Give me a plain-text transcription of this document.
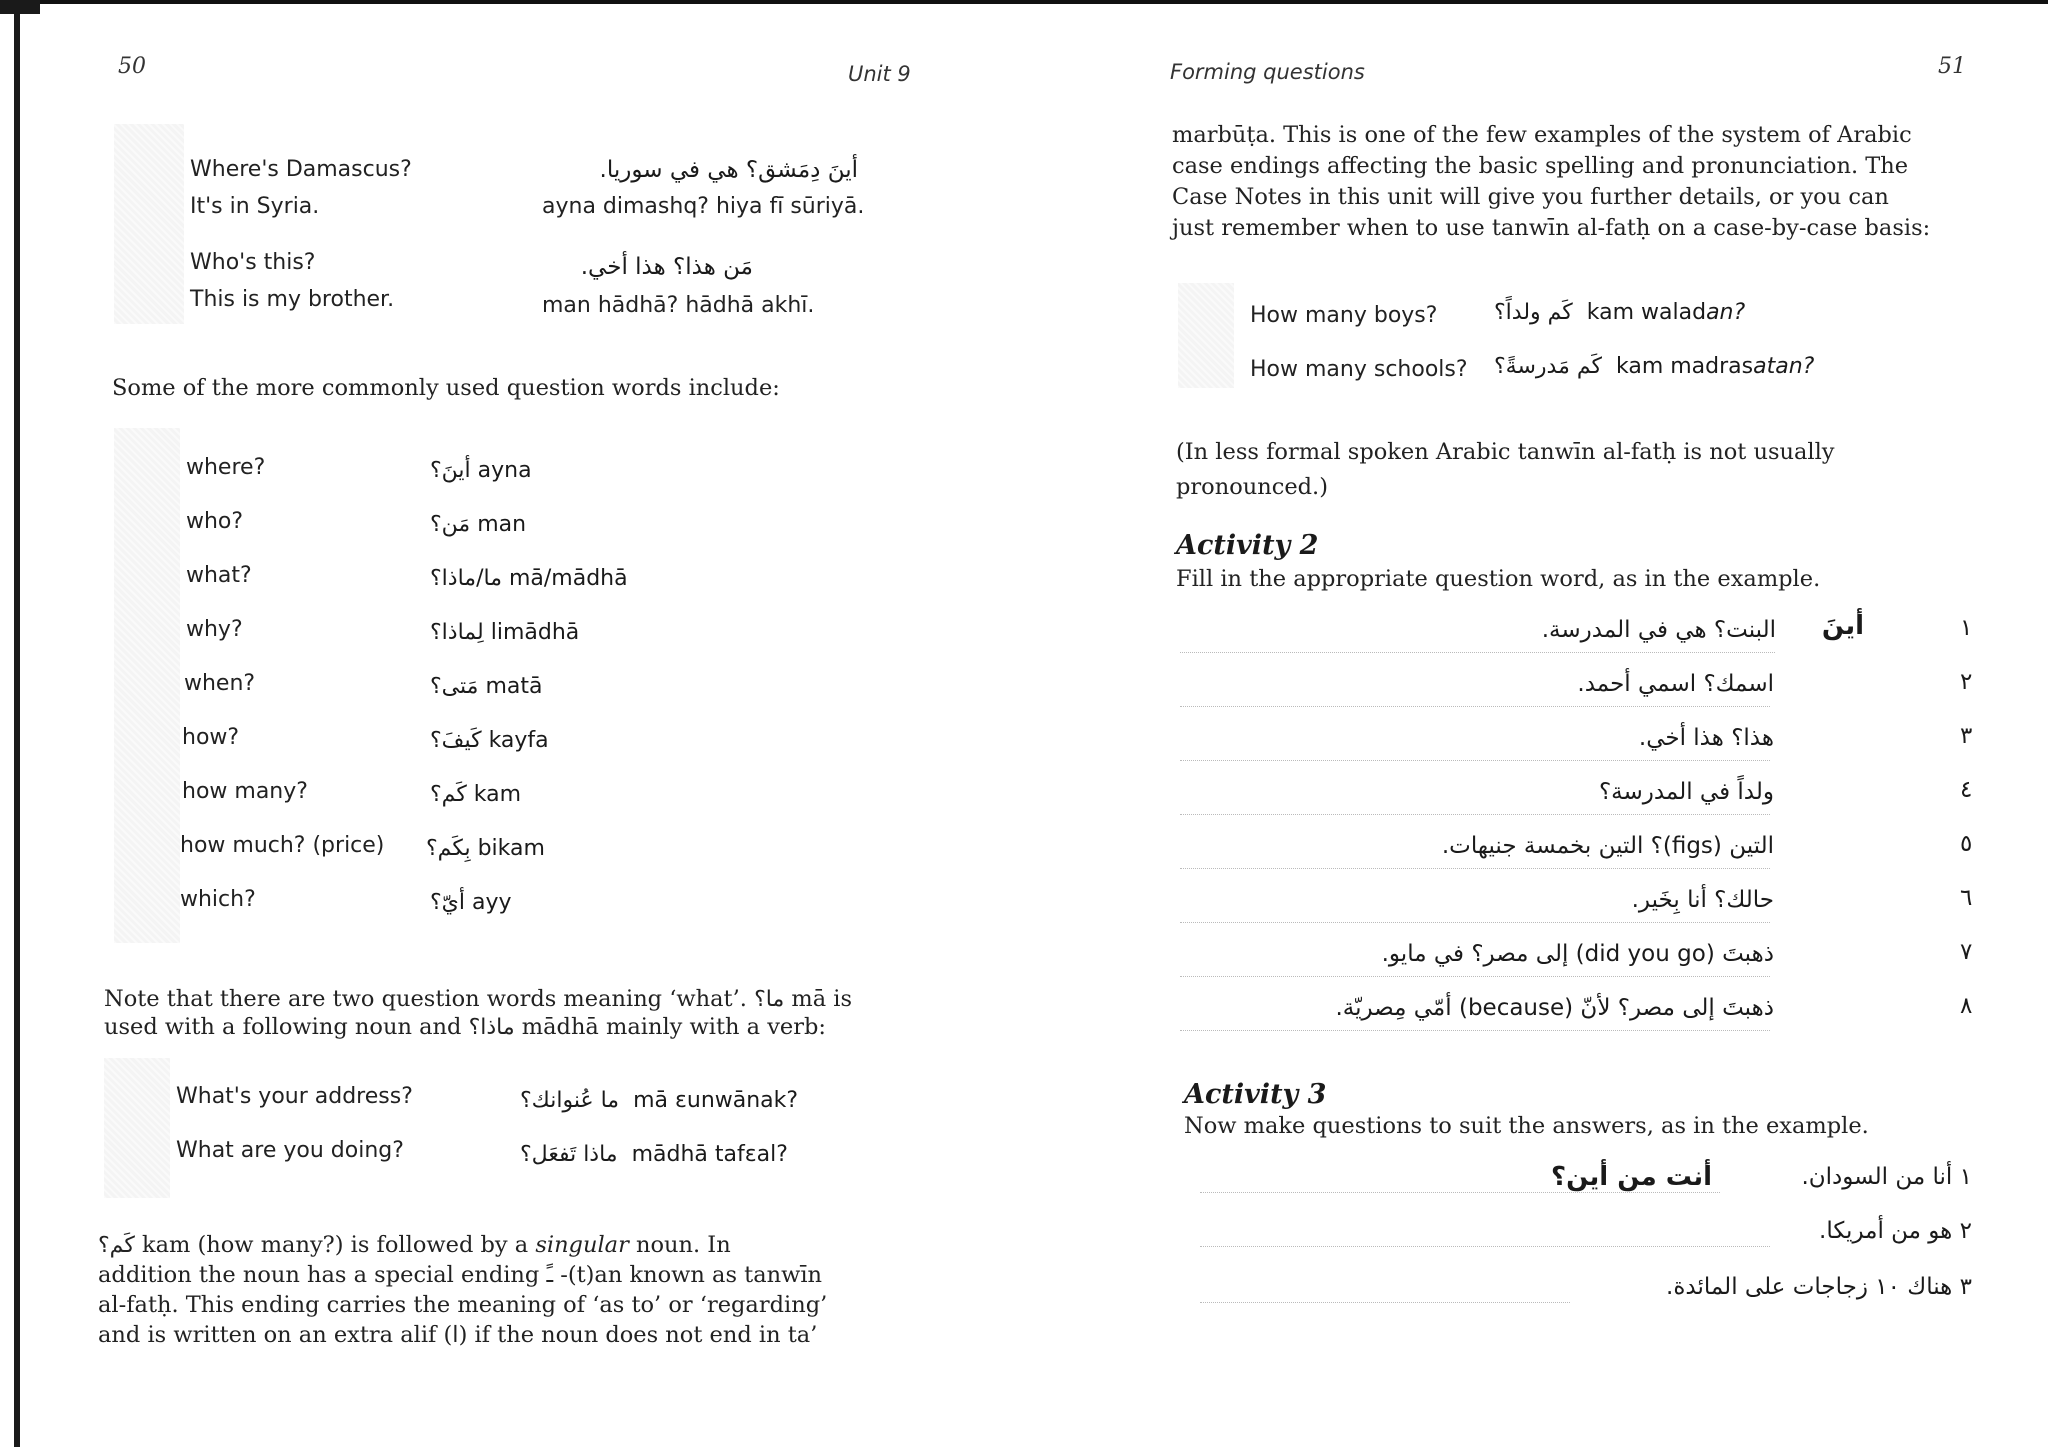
50	Unit 9
Where's Damascus?	أينَ دِمَشق؟ هي في سوريا.
It's in Syria.	ayna dimashq? hiya fī sūriyā.
Who's this?	مَن هذا؟ هذا أخي.
This is my brother.	man hādhā? hādhā akhī.
Some of the more commonly used question words include:
where?	أينَ؟ ayna
who?	مَن؟ man
what?	ما/ماذا؟ mā/mādhā
why?	لِماذا؟ limādhā
when?	مَتى؟ matā
how?	كَيفَ؟ kayfa
how many?	كَم؟ kam
how much? (price) بِكَم؟ bikam
which?	أيّ؟ ayy
Note that there are two question words meaning ‘what’. ما؟ mā is
used with a following noun and ماذا؟ mādhā mainly with a verb:
What's your address?	ما عُنوانك؟ mā ɛunwānak?
What are you doing?	ماذا تَفعَل؟ mādhā tafɛal?
كَم؟ kam (how many?) is followed by a singular noun. In
addition the noun has a special ending ـً -(t)an known as tanwīn
al-fatḥ. This ending carries the meaning of ‘as to’ or ‘regarding’
and is written on an extra alif (ا) if the noun does not end in ta’
Forming questions	51
marbūṭa. This is one of the few examples of the system of Arabic
case endings affecting the basic spelling and pronunciation. The
Case Notes in this unit will give you further details, or you can
just remember when to use tanwīn al-fatḥ on a case-by-case basis:
How many boys?	كَم ولداً؟ kam waladan?
How many schools? كَم مَدرسةً؟ kam madrasatan?
(In less formal spoken Arabic tanwīn al-fatḥ is not usually
pronounced.)
Activity 2
Fill in the appropriate question word, as in the example.
أينَ
البنت؟ هي في المدرسة.	١
اسمك؟ اسمي أحمد.	٢
هذا؟ هذا أخي.	٣
ولداً في المدرسة؟	٤
التين (figs)؟ التين بخمسة جنيهات.	٥
حالك؟ أنا بِخَير.	٦
ذهبتَ (did you go) إلى مصر؟ في مايو.	٧
ذهبتَ إلى مصر؟ لأنّ (because) أمّي مِصريّة.	٨
Activity 3
Now make questions to suit the answers, as in the example.
أنت من أين؟	١ أنا من السودان.
٢ هو من أمريكا.
٣ هناك ١٠ زجاجات على المائدة.
